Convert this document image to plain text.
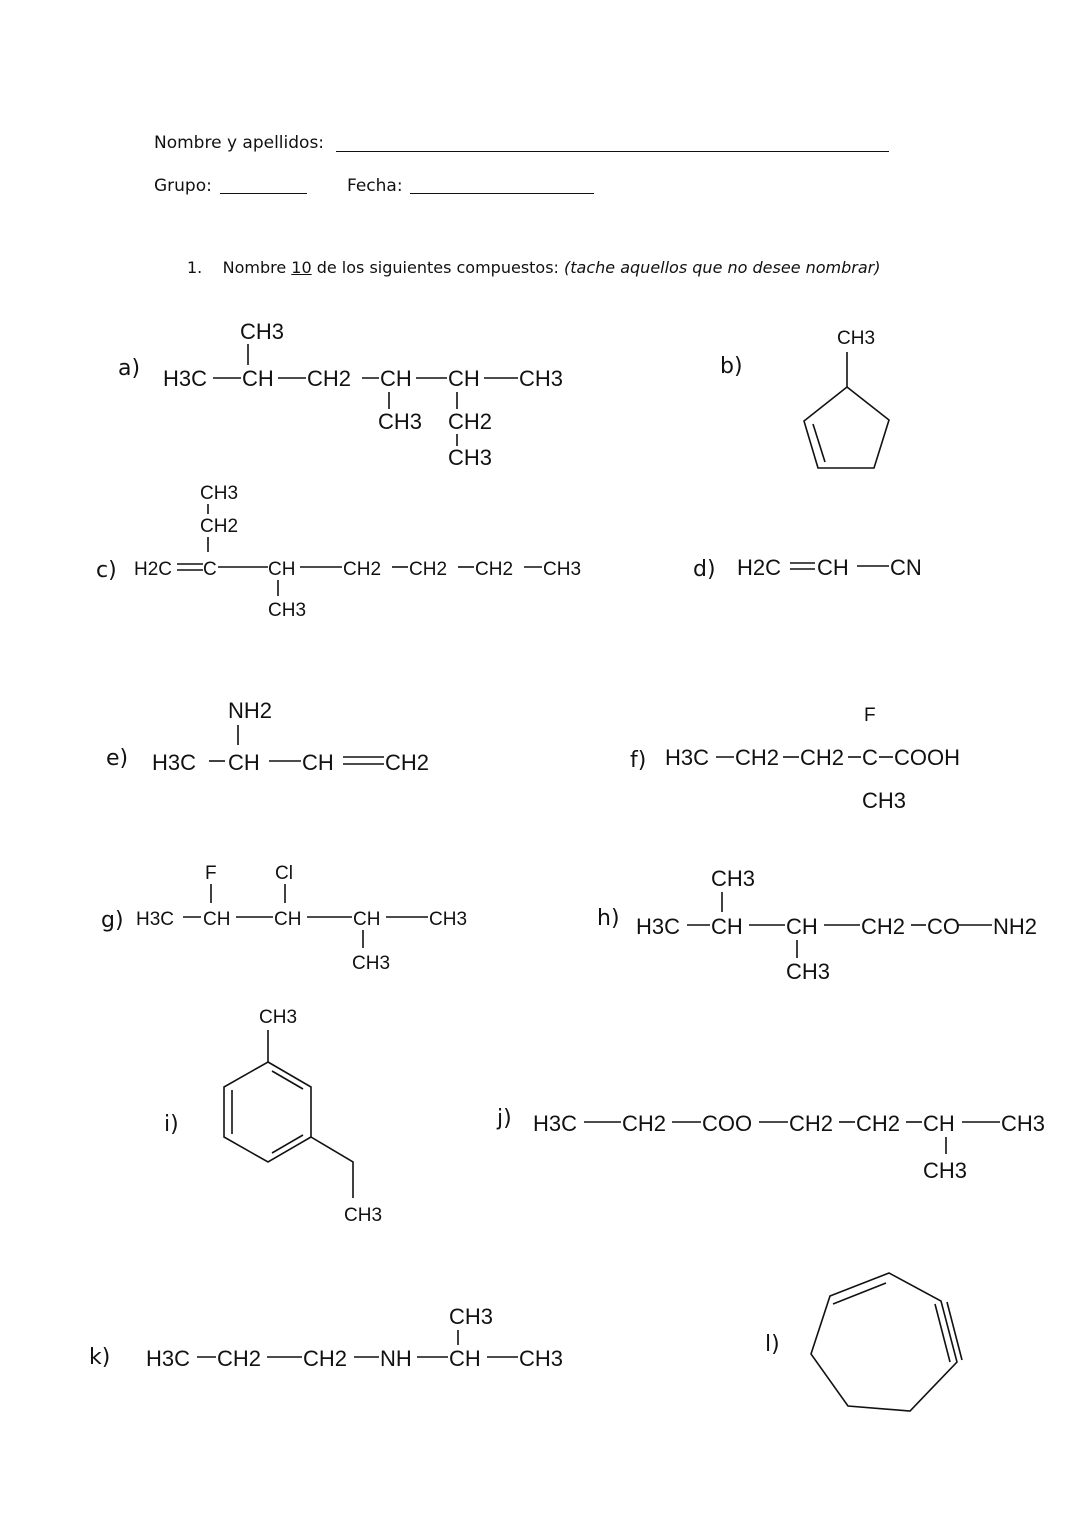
Nombre y apellidos:
Grupo:	Fecha:
1. Nombre 10 de los siguientes compuestos: (tache aquellos que no desee nombrar)
a)
CH3
H3C CH CH2 CH CH CH3
CH3 CH2
CH3
b)
CH3
c)
CH3
CH2
H2C C	CH	CH2 CH2 CH2 CH3
CH3
d) H2C CH CN
e)
NH2
H3C CH CH CH2	f)
F
H3C CH2 CH2 C COOH
CH3
g)
F	Cl
H3C CH CH	CH	CH3
CH3
h)
CH3
H3C CH CH CH2 CO NH2
CH3
i)
CH3
CH3
j) H3C CH2 COO CH2 CH2 CH CH3
CH3
k)
CH3
H3C CH2 CH2 NH CH CH3
l)
